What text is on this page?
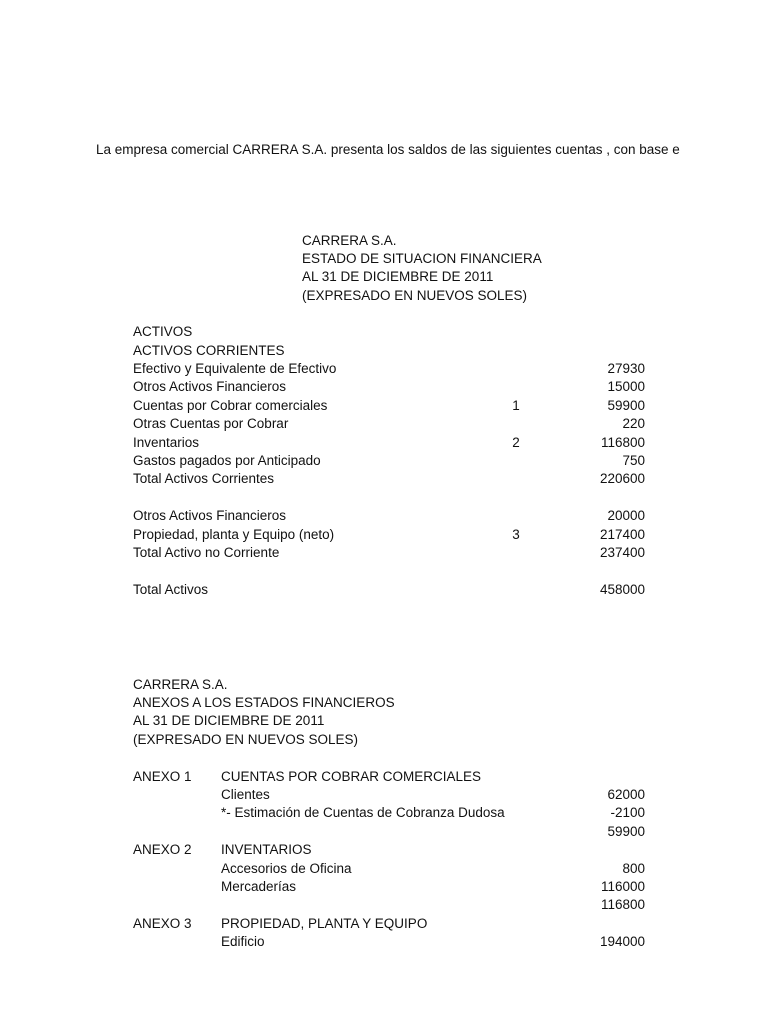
La empresa comercial CARRERA S.A. presenta los saldos de las siguientes cuentas , con base e
CARRERA S.A.
ESTADO DE SITUACION FINANCIERA
AL 31 DE DICIEMBRE DE 2011
(EXPRESADO EN NUEVOS SOLES)
ACTIVOS
ACTIVOS CORRIENTES
Efectivo y Equivalente de Efectivo	27930
Otros Activos Financieros	15000
Cuentas por Cobrar comerciales	1	59900
Otras Cuentas por Cobrar	220
Inventarios	2	116800
Gastos pagados por Anticipado	750
Total Activos Corrientes	220600
Otros Activos Financieros	20000
Propiedad, planta y Equipo (neto)	3	217400
Total Activo no Corriente	237400
Total Activos	458000
CARRERA S.A.
ANEXOS A LOS ESTADOS FINANCIEROS
AL 31 DE DICIEMBRE DE 2011
(EXPRESADO EN NUEVOS SOLES)
ANEXO 1 CUENTAS POR COBRAR COMERCIALES
Clientes	62000
*- Estimación de Cuentas de Cobranza Dudosa	-2100
59900
ANEXO 2 INVENTARIOS
Accesorios de Oficina	800
Mercaderías	116000
116800
ANEXO 3 PROPIEDAD, PLANTA Y EQUIPO
Edificio	194000
